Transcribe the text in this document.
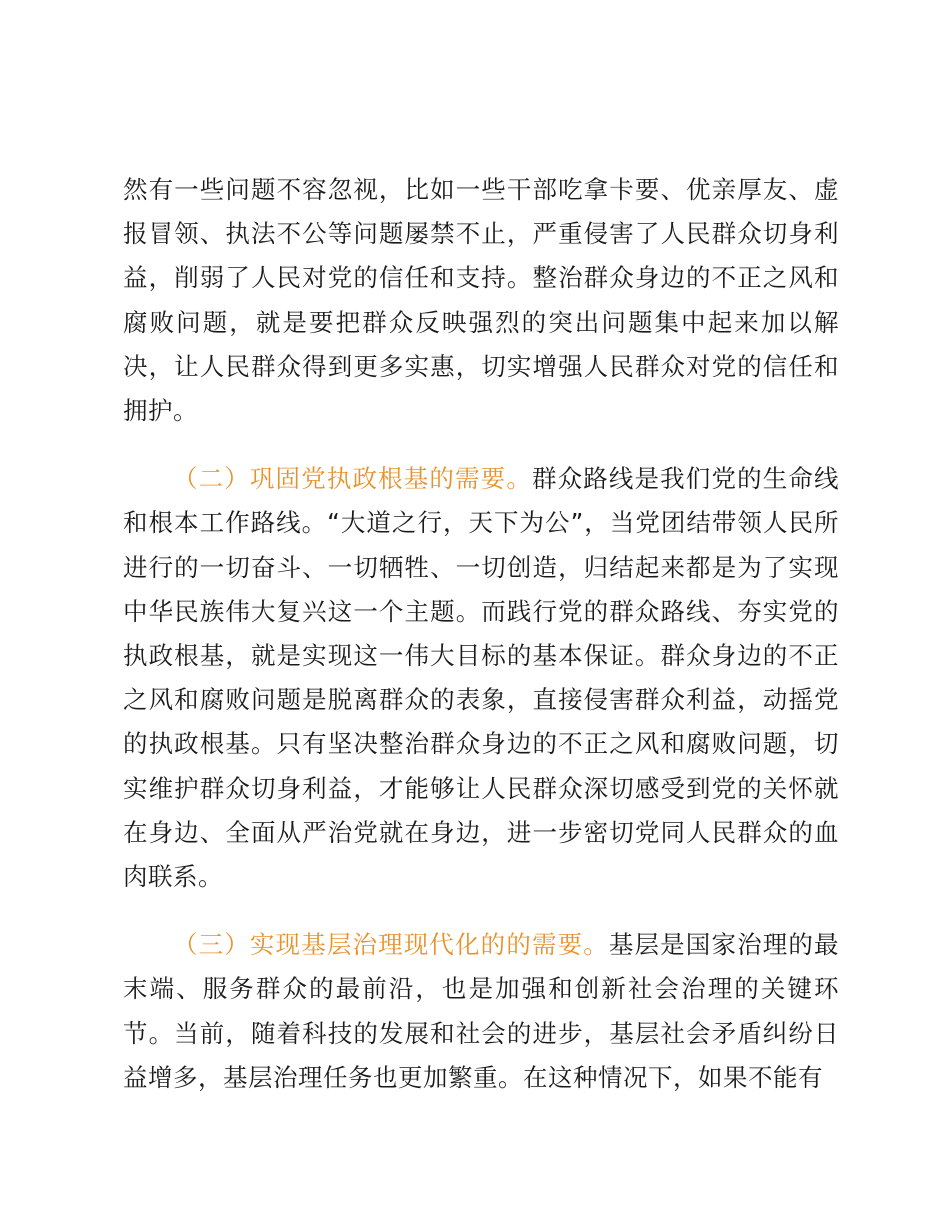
然有一些问题不容忽视，比如一些干部吃拿卡要、优亲厚友、虚报冒领、执法不公等问题屡禁不止，严重侵害了人民群众切身利益，削弱了人民对党的信任和支持。整治群众身边的不正之风和腐败问题，就是要把群众反映强烈的突出问题集中起来加以解决，让人民群众得到更多实惠，切实增强人民群众对党的信任和拥护。

（二）巩固党执政根基的需要。群众路线是我们党的生命线和根本工作路线。“大道之行，天下为公”，当党团结带领人民所进行的一切奋斗、一切牺牲、一切创造，归结起来都是为了实现中华民族伟大复兴这一个主题。而践行党的群众路线、夯实党的执政根基，就是实现这一伟大目标的基本保证。群众身边的不正之风和腐败问题是脱离群众的表象，直接侵害群众利益，动摇党的执政根基。只有坚决整治群众身边的不正之风和腐败问题，切实维护群众切身利益，才能够让人民群众深切感受到党的关怀就在身边、全面从严治党就在身边，进一步密切党同人民群众的血肉联系。

（三）实现基层治理现代化的的需要。基层是国家治理的最末端、服务群众的最前沿，也是加强和创新社会治理的关键环节。当前，随着科技的发展和社会的进步，基层社会矛盾纠纷日益增多，基层治理任务也更加繁重。在这种情况下，如果不能有
